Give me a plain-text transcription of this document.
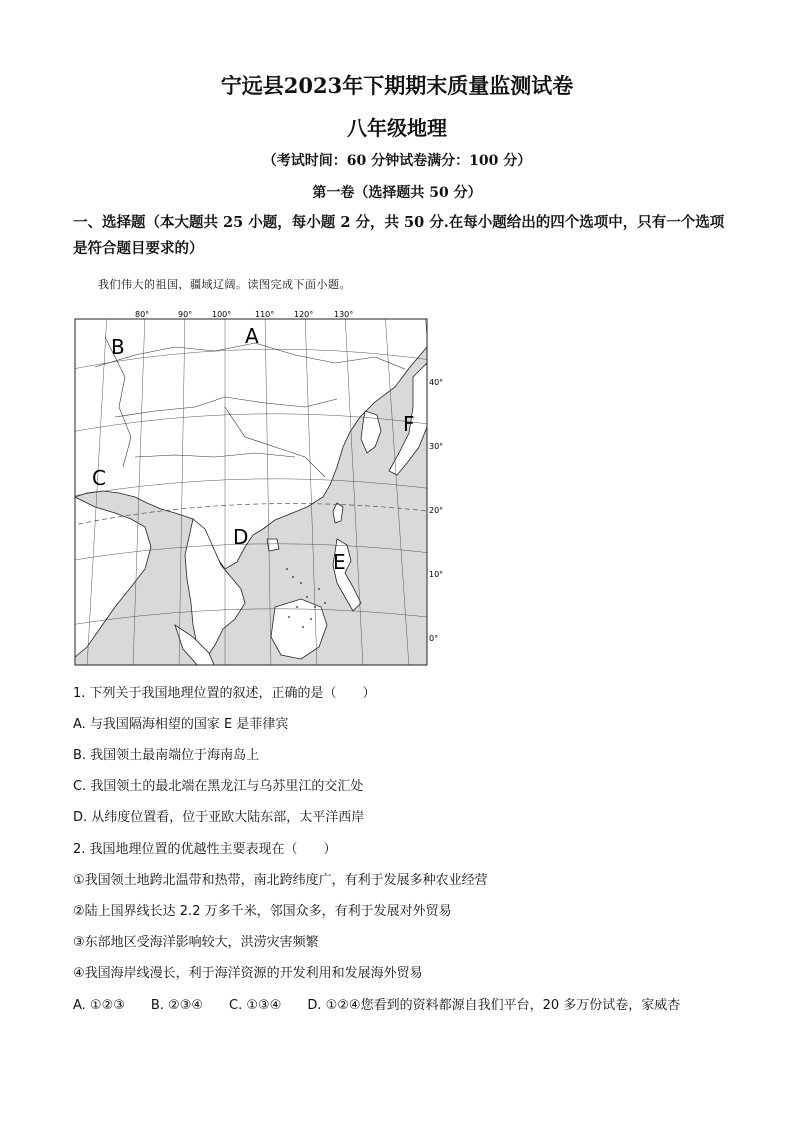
宁远县2023年下期期末质量监测试卷
八年级地理
（考试时间：60 分钟试卷满分：100 分）
第一卷（选择题共 50 分）
一、选择题（本大题共 25 小题，每小题 2 分，共 50 分.在每小题给出的四个选项中，只有一个选项是符合题目要求的）
我们伟大的祖国，疆域辽阔。读图完成下面小题。
80°	90° 100°	110° 120°	130°
40°
30°
20°
10°
0°
A
B
C
D
E
F
1. 下列关于我国地理位置的叙述，正确的是（　　）
A. 与我国隔海相望的国家 E 是菲律宾
B. 我国领土最南端位于海南岛上
C. 我国领土的最北端在黑龙江与乌苏里江的交汇处
D. 从纬度位置看，位于亚欧大陆东部，太平洋西岸
2. 我国地理位置的优越性主要表现在（　　）
①我国领土地跨北温带和热带，南北跨纬度广，有利于发展多种农业经营
②陆上国界线长达 2.2 万多千米，邻国众多，有利于发展对外贸易
③东部地区受海洋影响较大，洪涝灾害频繁
④我国海岸线漫长，利于海洋资源的开发利用和发展海外贸易
A. ①②③　　B. ②③④　　C. ①③④　　D. ①②④您看到的资料都源自我们平台，20 多万份试卷，家威杏
